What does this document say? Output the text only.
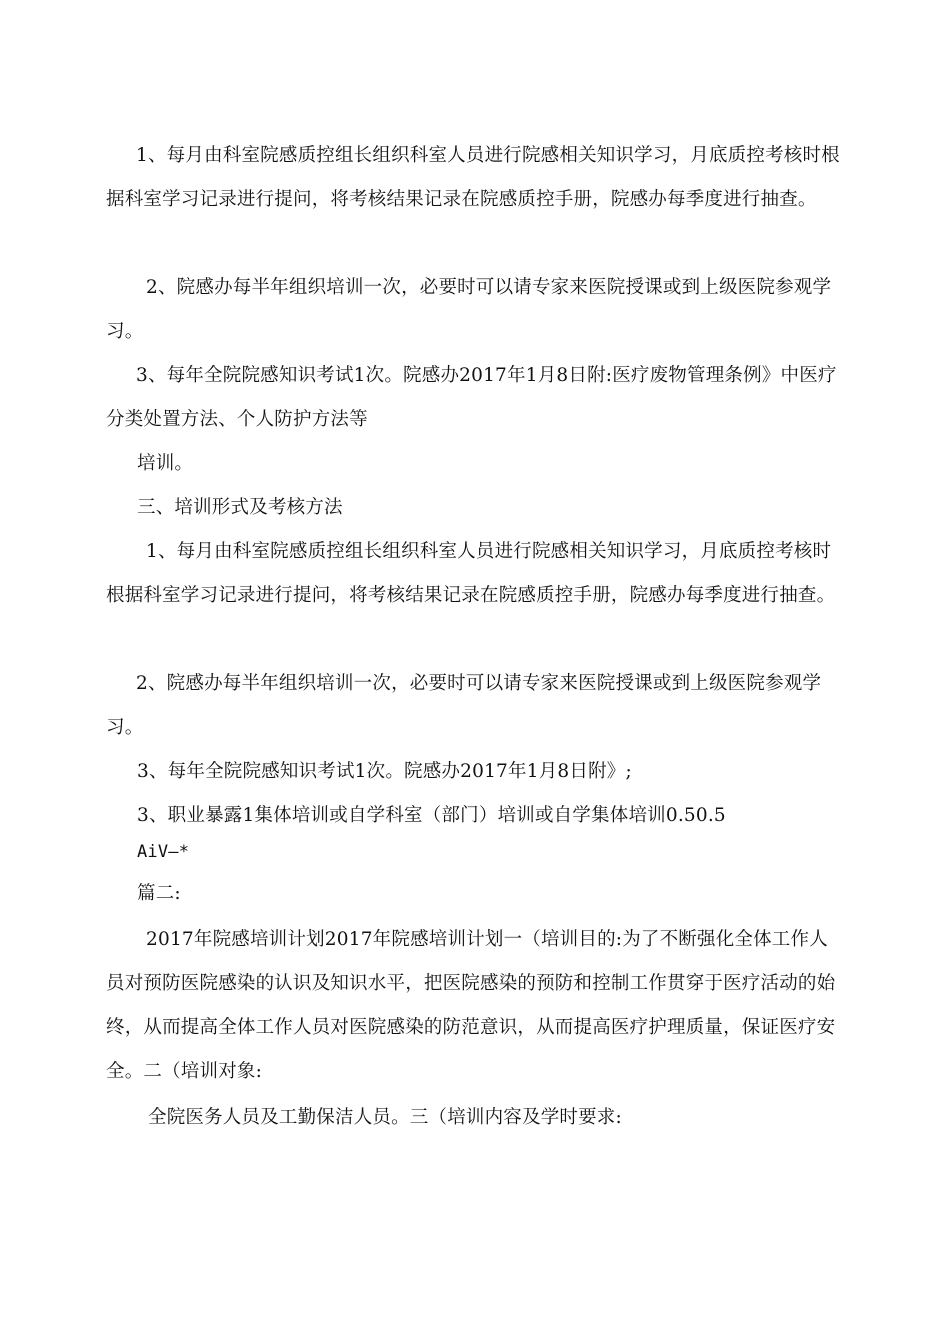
1、每月由科室院感质控组长组织科室人员进行院感相关知识学习，月底质控考核时根据科室学习记录进行提问，将考核结果记录在院感质控手册，院感办每季度进行抽查。

2、院感办每半年组织培训一次，必要时可以请专家来医院授课或到上级医院参观学习。

3、每年全院院感知识考试1次。院感办2017年1月8日附:医疗废物管理条例》中医疗分类处置方法、个人防护方法等

培训。

三、培训形式及考核方法

1、每月由科室院感质控组长组织科室人员进行院感相关知识学习，月底质控考核时根据科室学习记录进行提问，将考核结果记录在院感质控手册，院感办每季度进行抽查。

2、院感办每半年组织培训一次，必要时可以请专家来医院授课或到上级医院参观学习。

3、每年全院院感知识考试1次。院感办2017年1月8日附》;

3、职业暴露1集体培训或自学科室（部门）培训或自学集体培训0.50.5

AiV—*

篇二:

2017年院感培训计划2017年院感培训计划一（培训目的:为了不断强化全体工作人员对预防医院感染的认识及知识水平，把医院感染的预防和控制工作贯穿于医疗活动的始终，从而提高全体工作人员对医院感染的防范意识，从而提高医疗护理质量，保证医疗安全。二（培训对象:

全院医务人员及工勤保洁人员。三（培训内容及学时要求:
